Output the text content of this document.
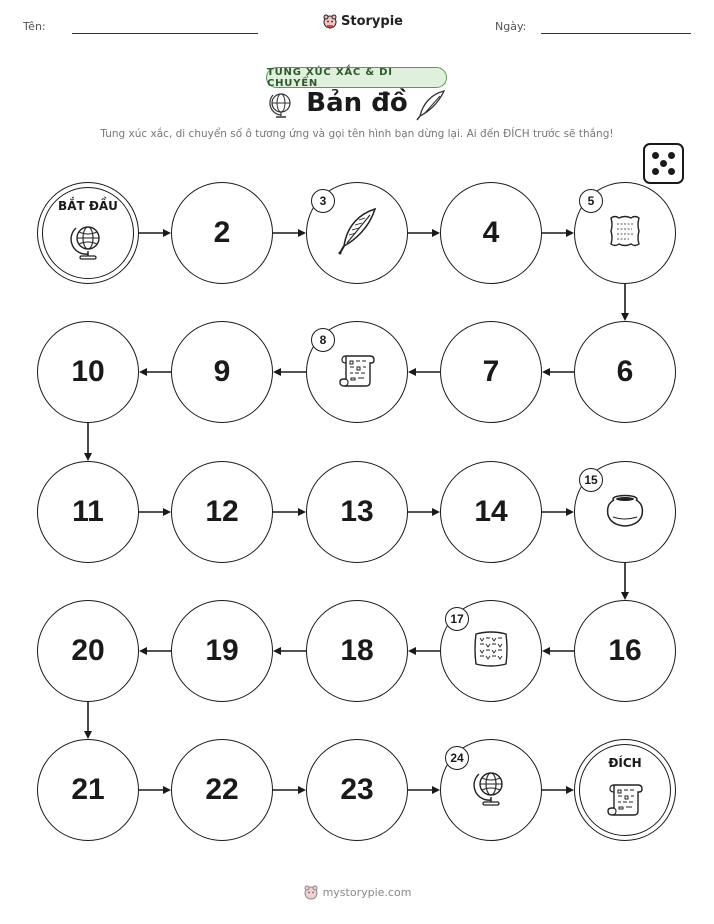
Tên:	Ngày:
Storypie
TUNG XÚC XẮC & DI CHUYỂN
Bản đồ
Tung xúc xắc, di chuyển số ô tương ứng và gọi tên hình bạn dừng lại. Ai đến ĐÍCH trước sẽ thắng!
BẮT ĐẦU
2
3
4
5
6
7
8
9
10
11	12	13	14
15
16
17
18
19
20
21	22	23
24	ĐÍCH
mystorypie.com
